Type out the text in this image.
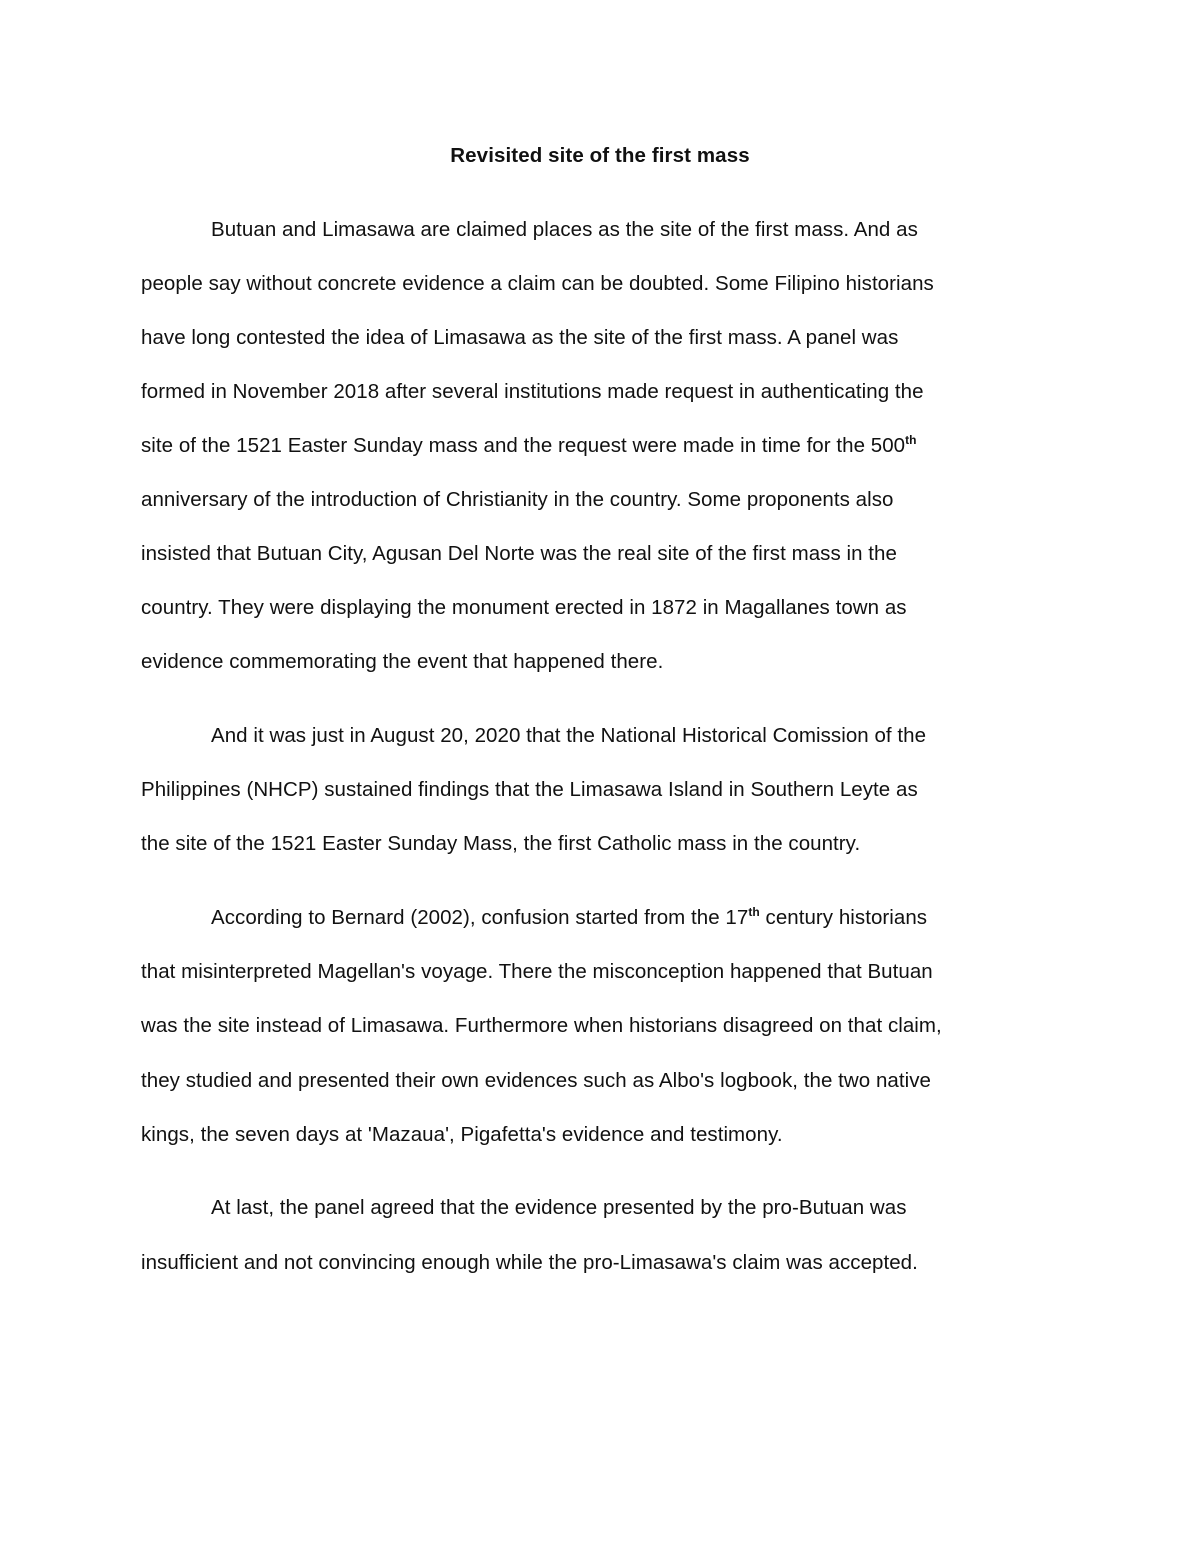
Revisited site of the first mass
Butuan and Limasawa are claimed places as the site of the first mass. And as
people say without concrete evidence a claim can be doubted. Some Filipino historians
have long contested the idea of Limasawa as the site of the first mass. A panel was
formed in November 2018 after several institutions made request in authenticating the
site of the 1521 Easter Sunday mass and the request were made in time for the 500th
anniversary of the introduction of Christianity in the country. Some proponents also
insisted that Butuan City, Agusan Del Norte was the real site of the first mass in the
country. They were displaying the monument erected in 1872 in Magallanes town as
evidence commemorating the event that happened there.
And it was just in August 20, 2020 that the National Historical Comission of the
Philippines (NHCP) sustained findings that the Limasawa Island in Southern Leyte as
the site of the 1521 Easter Sunday Mass, the first Catholic mass in the country.
According to Bernard (2002), confusion started from the 17th century historians
that misinterpreted Magellan's voyage. There the misconception happened that Butuan
was the site instead of Limasawa. Furthermore when historians disagreed on that claim,
they studied and presented their own evidences such as Albo's logbook, the two native
kings, the seven days at 'Mazaua', Pigafetta's evidence and testimony.
At last, the panel agreed that the evidence presented by the pro-Butuan was
insufficient and not convincing enough while the pro-Limasawa's claim was accepted.
